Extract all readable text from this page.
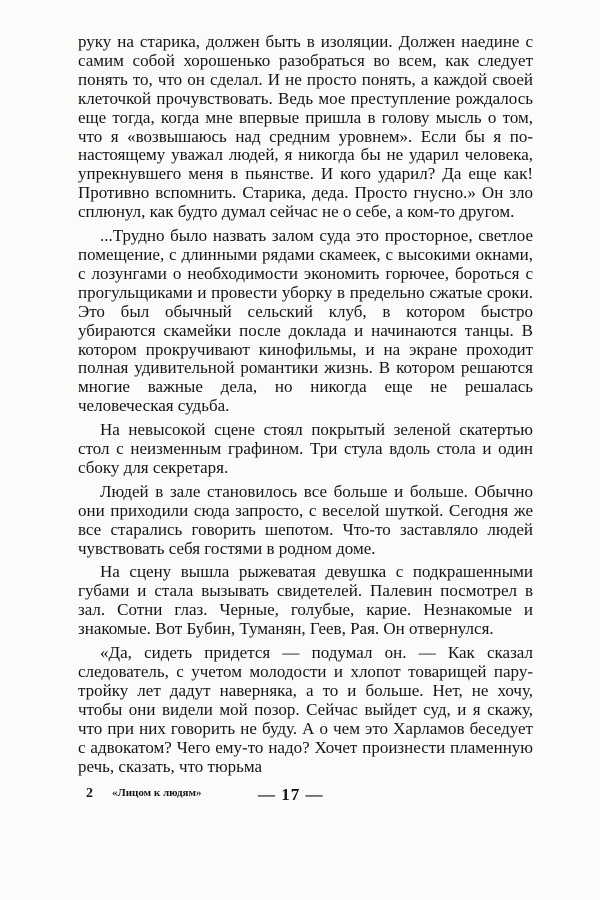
руку на старика, должен быть в изоляции. Должен наедине с самим собой хорошенько разобраться во всем, как следует понять то, что он сделал. И не просто понять, а каждой своей клеточкой прочувствовать. Ведь мое преступление рождалось еще тогда, когда мне впервые пришла в голову мысль о том, что я «возвышаюсь над средним уровнем». Если бы я по-настоящему уважал людей, я никогда бы не ударил человека, упрекнувшего меня в пьянстве. И кого ударил? Да еще как! Противно вспомнить. Старика, деда. Просто гнусно.» Он зло сплюнул, как будто думал сейчас не о себе, а ком-то другом.

...Трудно было назвать залом суда это просторное, светлое помещение, с длинными рядами скамеек, с высокими окнами, с лозунгами о необходимости экономить горючее, бороться с прогульщиками и провести уборку в предельно сжатые сроки. Это был обычный сельский клуб, в котором быстро убираются скамейки после доклада и начинаются танцы. В котором прокручивают кинофильмы, и на экране проходит полная удивительной романтики жизнь. В котором решаются многие важные дела, но никогда еще не решалась человеческая судьба.

На невысокой сцене стоял покрытый зеленой скатертью стол с неизменным графином. Три стула вдоль стола и один сбоку для секретаря.

Людей в зале становилось все больше и больше. Обычно они приходили сюда запросто, с веселой шуткой. Сегодня же все старались говорить шепотом. Что-то заставляло людей чувствовать себя гостями в родном доме.

На сцену вышла рыжеватая девушка с подкрашенными губами и стала вызывать свидетелей. Палевин посмотрел в зал. Сотни глаз. Черные, голубые, карие. Незнакомые и знакомые. Вот Бубин, Туманян, Геев, Рая. Он отвернулся.

«Да, сидеть придется — подумал он. — Как сказал следователь, с учетом молодости и хлопот товарищей пару-тройку лет дадут наверняка, а то и больше. Нет, не хочу, чтобы они видели мой позор. Сейчас выйдет суд, и я скажу, что при них говорить не буду. А о чем это Харламов беседует с адвокатом? Чего ему-то надо? Хочет произнести пламенную речь, сказать, что тюрьма

2 «Лицом к людям»	— 17 —
